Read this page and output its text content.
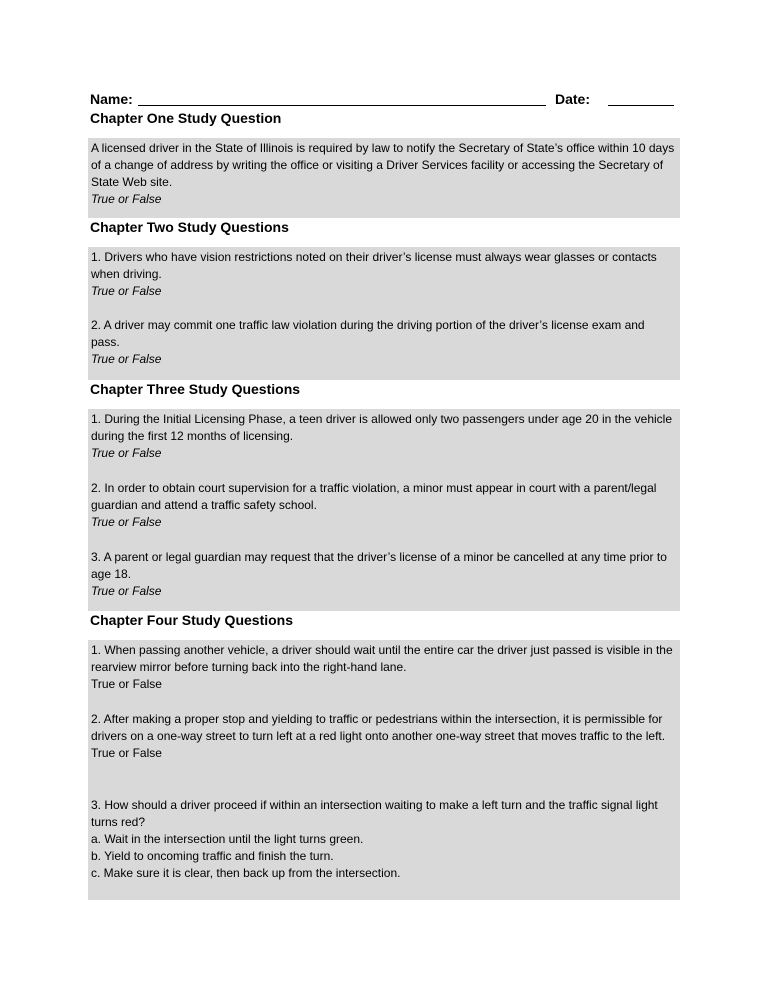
Name:	Date:
Chapter One Study Question

A licensed driver in the State of Illinois is required by law to notify the Secretary of State’s office within 10 days of a change of address by writing the office or visiting a Driver Services facility or accessing the Secretary of State Web site.

True or False

Chapter Two Study Questions

1. Drivers who have vision restrictions noted on their driver’s license must always wear glasses or contacts when driving.

True or False

2. A driver may commit one traffic law violation during the driving portion of the driver’s license exam and pass.

True or False

Chapter Three Study Questions

1. During the Initial Licensing Phase, a teen driver is allowed only two passengers under age 20 in the vehicle during the first 12 months of licensing.

True or False

2. In order to obtain court supervision for a traffic violation, a minor must appear in court with a parent/legal guardian and attend a traffic safety school.

True or False

3. A parent or legal guardian may request that the driver’s license of a minor be cancelled at any time prior to age 18.

True or False

Chapter Four Study Questions

1. When passing another vehicle, a driver should wait until the entire car the driver just passed is visible in the rearview mirror before turning back into the right-hand lane.

True or False

2. After making a proper stop and yielding to traffic or pedestrians within the intersection, it is permissible for drivers on a one-way street to turn left at a red light onto another one-way street that moves traffic to the left.

True or False

3. How should a driver proceed if within an intersection waiting to make a left turn and the traffic signal light turns red?

a. Wait in the intersection until the light turns green.

b. Yield to oncoming traffic and finish the turn.

c. Make sure it is clear, then back up from the intersection.
